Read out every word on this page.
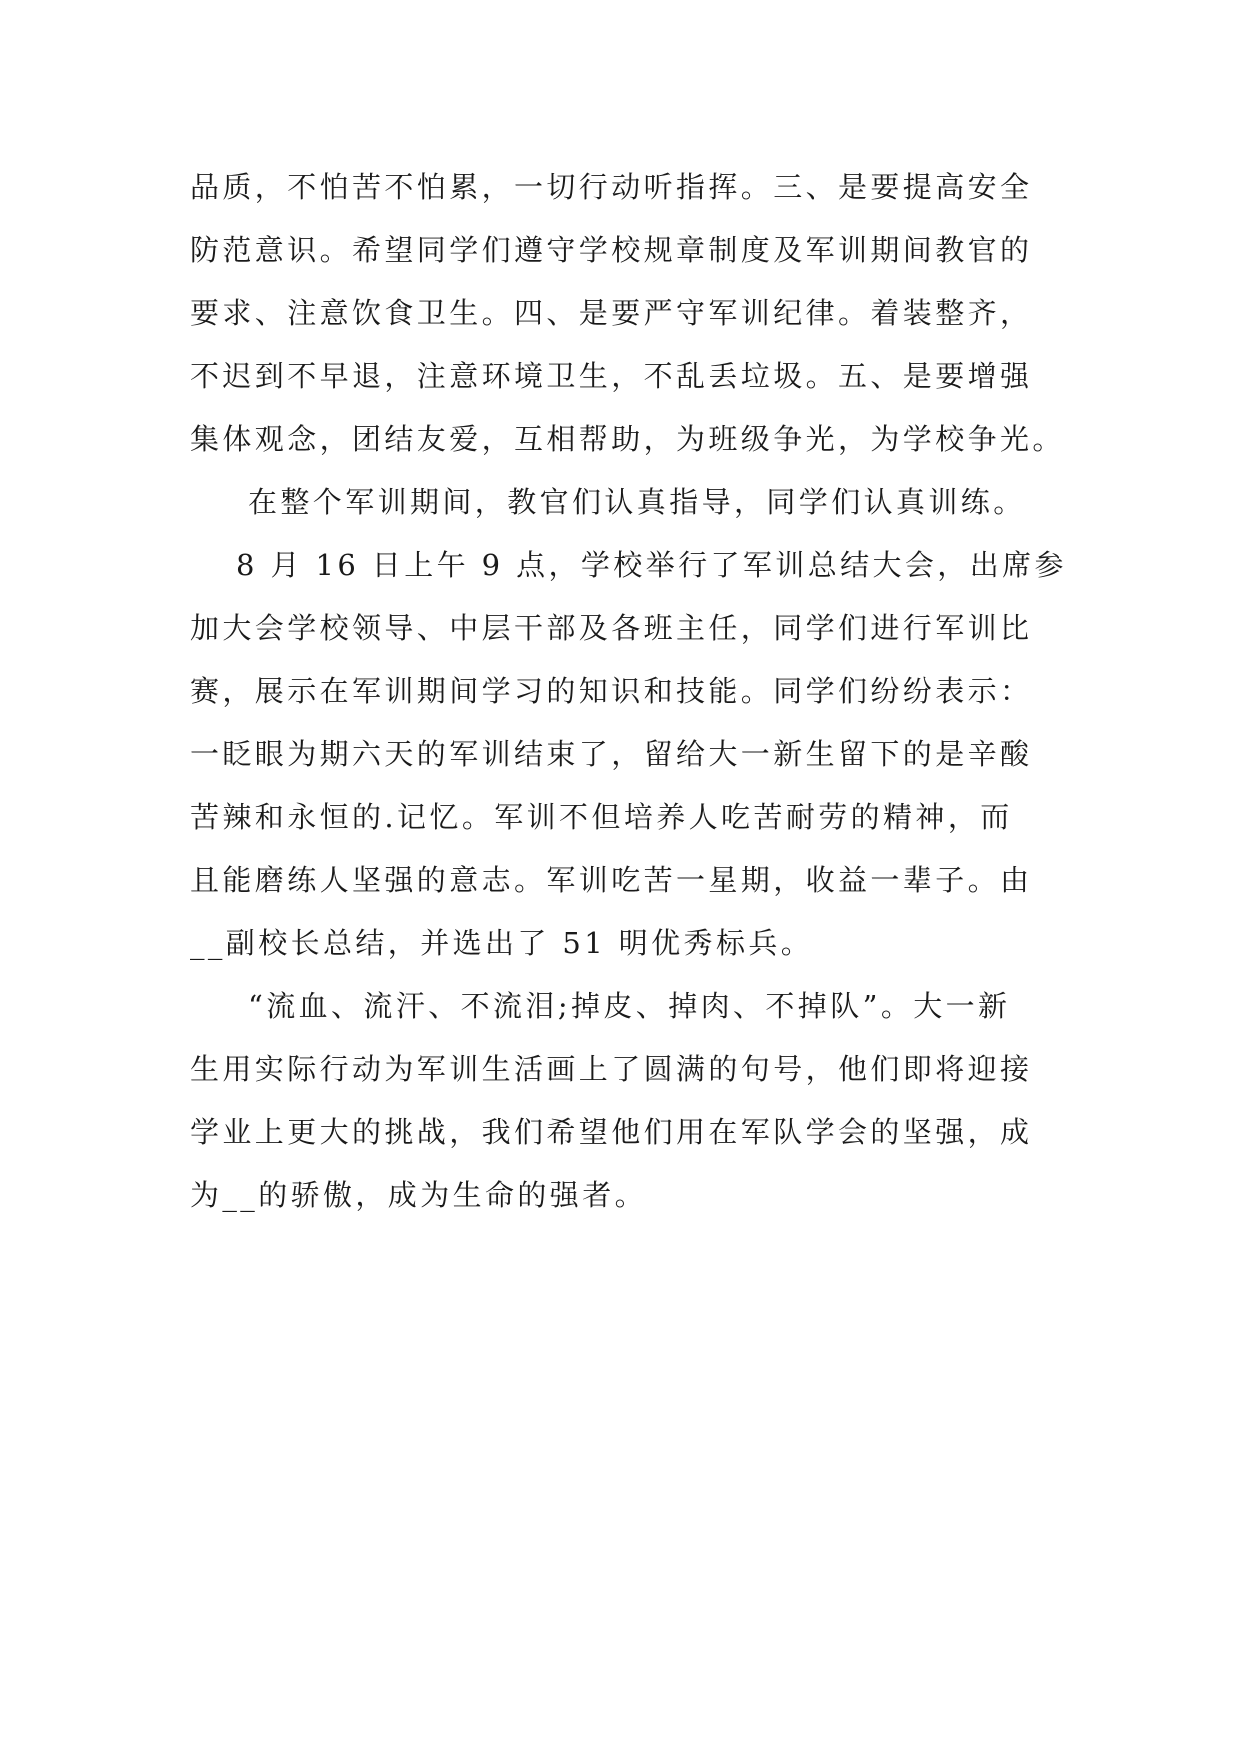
品质，不怕苦不怕累，一切行动听指挥。三、是要提高安全
防范意识。希望同学们遵守学校规章制度及军训期间教官的
要求、注意饮食卫生。四、是要严守军训纪律。着装整齐，
不迟到不早退，注意环境卫生，不乱丢垃圾。五、是要增强
集体观念，团结友爱，互相帮助，为班级争光，为学校争光。
在整个军训期间，教官们认真指导，同学们认真训练。
8 月 16 日上午 9 点，学校举行了军训总结大会，出席参
加大会学校领导、中层干部及各班主任，同学们进行军训比
赛，展示在军训期间学习的知识和技能。同学们纷纷表示：
一眨眼为期六天的军训结束了，留给大一新生留下的是辛酸
苦辣和永恒的.记忆。军训不但培养人吃苦耐劳的精神，而
且能磨练人坚强的意志。军训吃苦一星期，收益一辈子。由
__副校长总结，并选出了 51 明优秀标兵。
“流血、流汗、不流泪;掉皮、掉肉、不掉队”。大一新
生用实际行动为军训生活画上了圆满的句号，他们即将迎接
学业上更大的挑战，我们希望他们用在军队学会的坚强，成
为__的骄傲，成为生命的强者。
